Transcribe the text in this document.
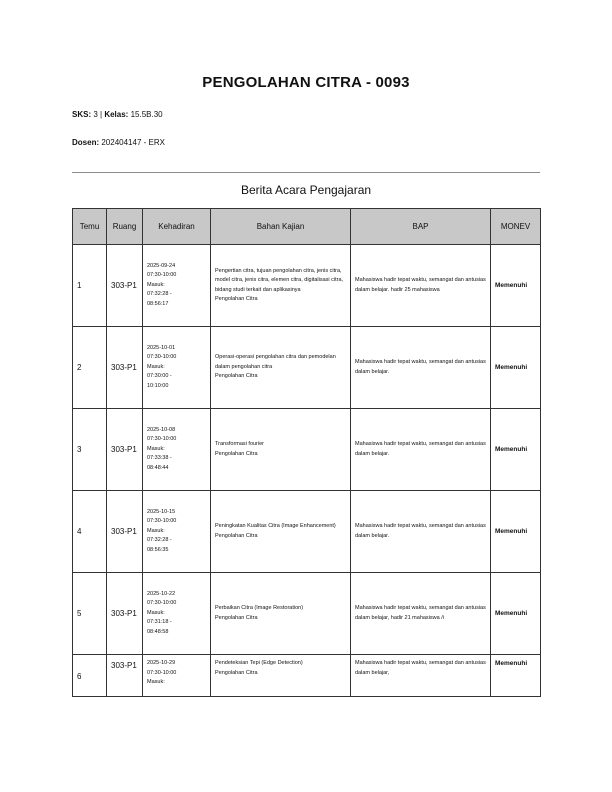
PENGOLAHAN CITRA - 0093
SKS: 3 | Kelas: 15.5B.30
Dosen: 202404147 - ERX
Berita Acara Pengajaran
Temu	Ruang	Kehadiran	Bahan Kajian	BAP	MONEV
1	303-P1	2025-09-24
07:30-10:00
Masuk:
07:32:28 -
08:56:17	Pengertian citra, tujuan pengolahan citra, jenis citra, model citra, jenis citra, elemen citra, digitalisasi citra, bidang studi terkait dan aplikasinya
Pengolahan Citra	Mahasiswa hadir tepat waktu, semangat dan antusias dalam belajar. hadir 25 mahasiswa	Memenuhi
2	303-P1	2025-10-01
07:30-10:00
Masuk:
07:30:00 -
10:10:00	Operasi-operasi pengolahan citra dan pemodelan dalam pengolahan citra
Pengolahan Citra	Mahasiswa hadir tepat waktu, semangat dan antusias dalam belajar.	Memenuhi
3	303-P1	2025-10-08
07:30-10:00
Masuk:
07:33:38 -
08:48:44	Transformasi fourier
Pengolahan Citra	Mahasiswa hadir tepat waktu, semangat dan antusias dalam belajar.	Memenuhi
4	303-P1	2025-10-15
07:30-10:00
Masuk:
07:32:28 -
08:56:35	Peningkatan Kualitas Citra (Image Enhancement)
Pengolahan Citra	Mahasiswa hadir tepat waktu, semangat dan antusias dalam belajar.	Memenuhi
5	303-P1	2025-10-22
07:30-10:00
Masuk:
07:31:18 -
08:48:58	Perbaikan Citra (Image Restoration)
Pengolahan Citra	Mahasiswa hadir tepat waktu, semangat dan antusias dalam belajar, hadir 21 mahasiswa /i	Memenuhi
6	303-P1	2025-10-29
07:30-10:00
Masuk:	Pendeteksian Tepi (Edge Detection)
Pengolahan Citra	Mahasiswa hadir tepat waktu, semangat dan antusias dalam belajar,	Memenuhi
